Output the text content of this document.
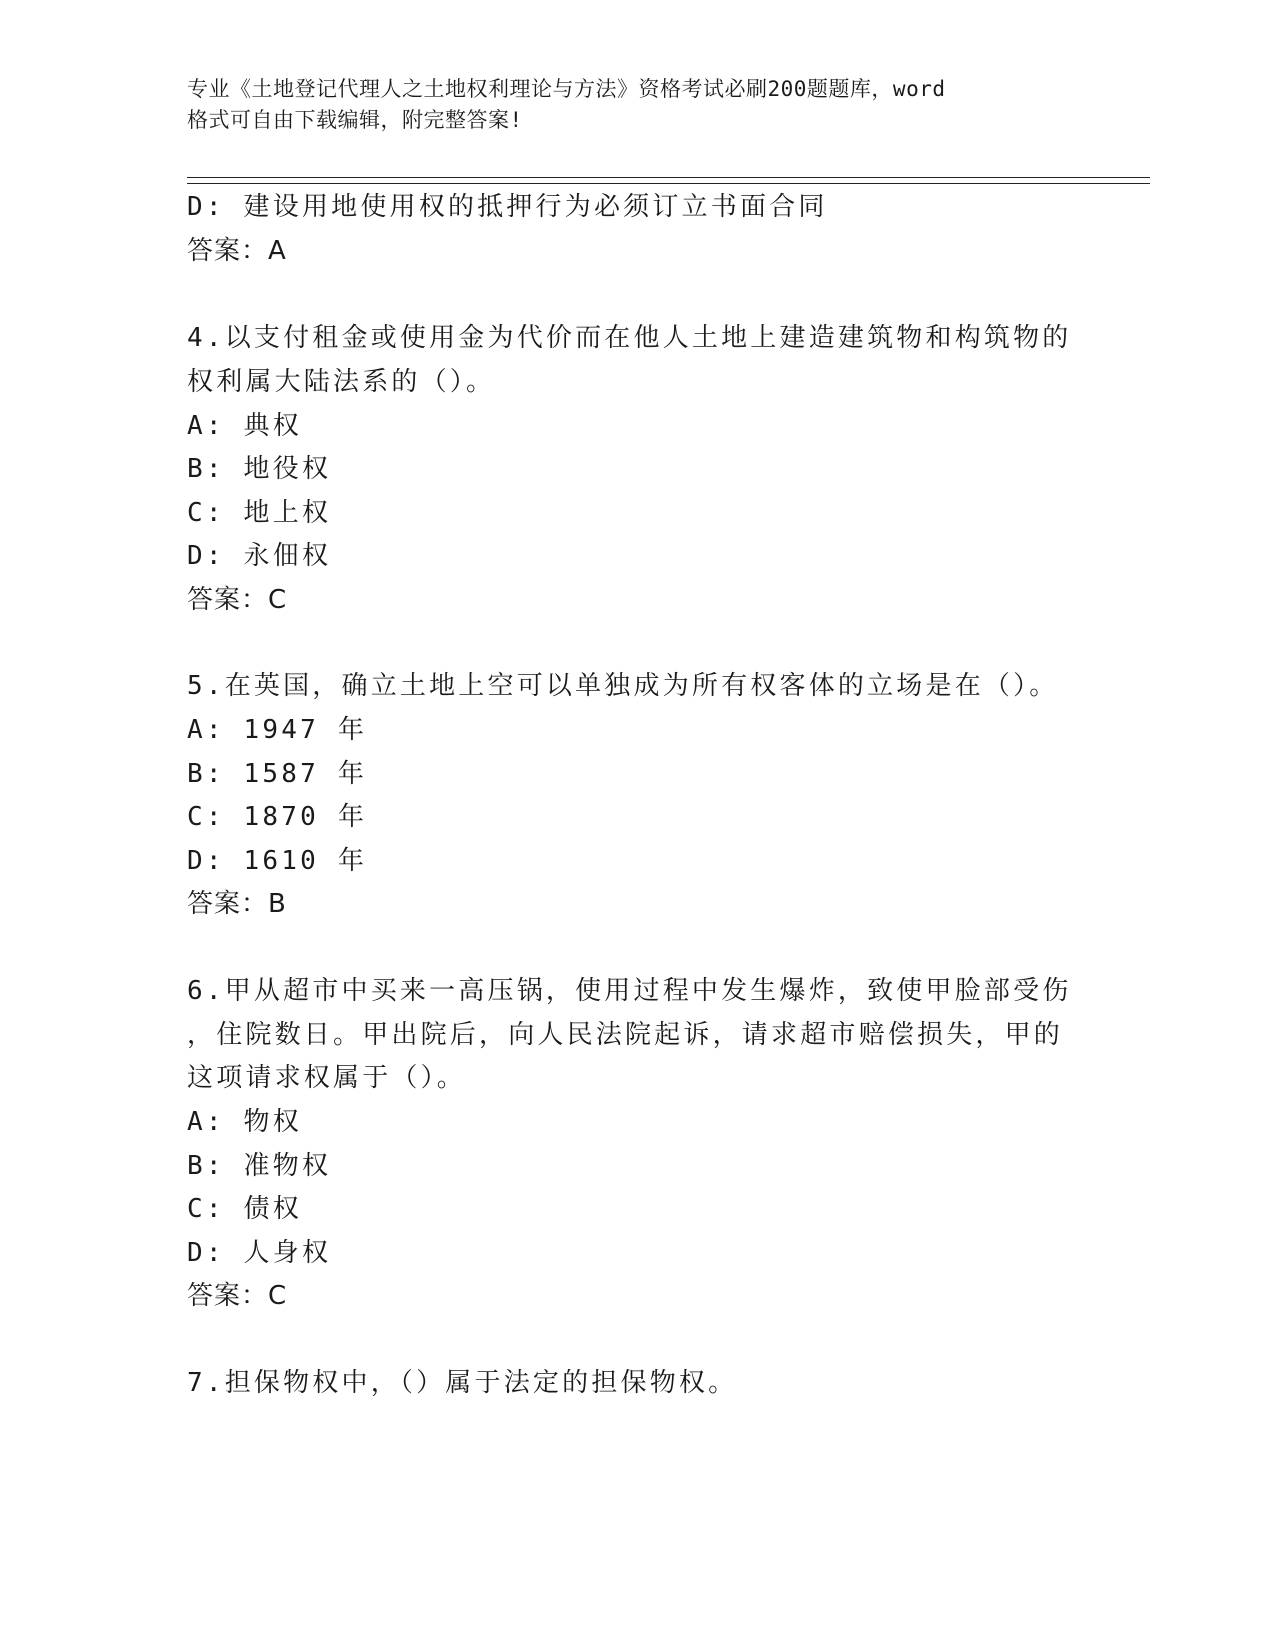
专业《土地登记代理人之土地权利理论与方法》资格考试必刷200题题库，word
格式可自由下载编辑，附完整答案!
D: 建设用地使用权的抵押行为必须订立书面合同
答案：A
4.以支付租金或使用金为代价而在他人土地上建造建筑物和构筑物的
权利属大陆法系的（）。
A: 典权
B: 地役权
C: 地上权
D: 永佃权
答案：C
5.在英国，确立土地上空可以单独成为所有权客体的立场是在（）。
A: 1947 年
B: 1587 年
C: 1870 年
D: 1610 年
答案：B
6.甲从超市中买来一高压锅，使用过程中发生爆炸，致使甲脸部受伤
，住院数日。甲出院后，向人民法院起诉，请求超市赔偿损失，甲的
这项请求权属于（）。
A: 物权
B: 准物权
C: 债权
D: 人身权
答案：C
7.担保物权中，（）属于法定的担保物权。
